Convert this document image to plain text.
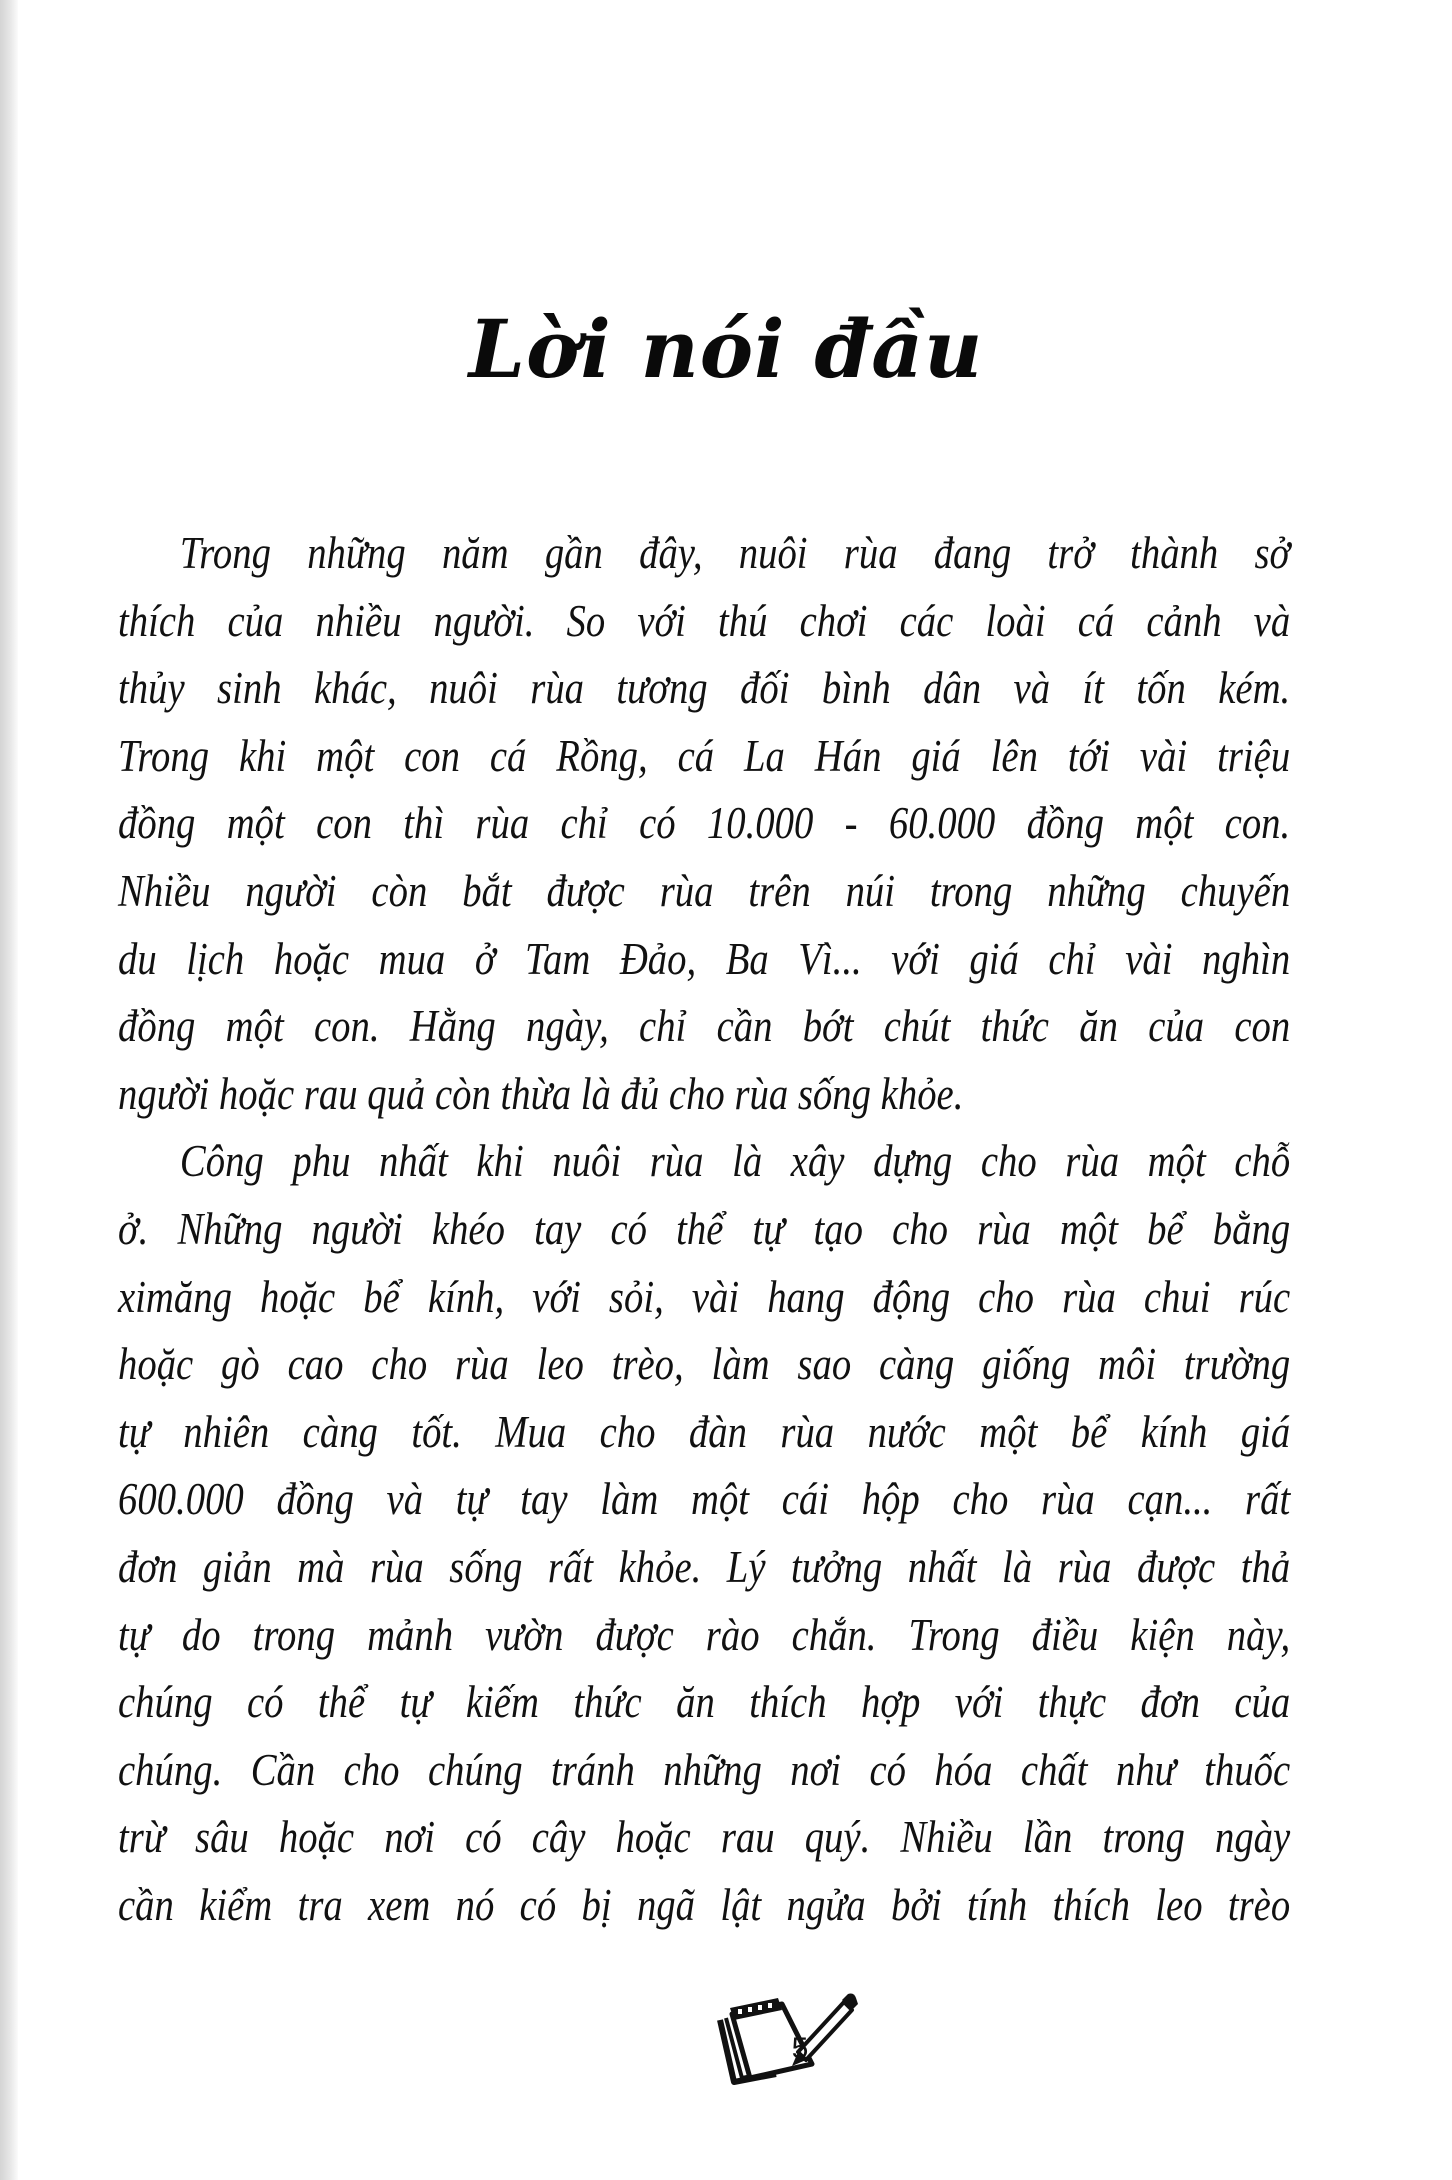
Lời nói đầu
Trong những năm gần đây, nuôi rùa đang trở thành sở
thích của nhiều người. So với thú chơi các loài cá cảnh và
thủy sinh khác, nuôi rùa tương đối bình dân và ít tốn kém.
Trong khi một con cá Rồng, cá La Hán giá lên tới vài triệu
đồng một con thì rùa chỉ có 10.000 - 60.000 đồng một con.
Nhiều người còn bắt được rùa trên núi trong những chuyến
du lịch hoặc mua ở Tam Đảo, Ba Vì... với giá chỉ vài nghìn
đồng một con. Hằng ngày, chỉ cần bớt chút thức ăn của con
người hoặc rau quả còn thừa là đủ cho rùa sống khỏe.
Công phu nhất khi nuôi rùa là xây dựng cho rùa một chỗ
ở. Những người khéo tay có thể tự tạo cho rùa một bể bằng
ximăng hoặc bể kính, với sỏi, vài hang động cho rùa chui rúc
hoặc gò cao cho rùa leo trèo, làm sao càng giống môi trường
tự nhiên càng tốt. Mua cho đàn rùa nước một bể kính giá
600.000 đồng và tự tay làm một cái hộp cho rùa cạn... rất
đơn giản mà rùa sống rất khỏe. Lý tưởng nhất là rùa được thả
tự do trong mảnh vườn được rào chắn. Trong điều kiện này,
chúng có thể tự kiếm thức ăn thích hợp với thực đơn của
chúng. Cần cho chúng tránh những nơi có hóa chất như thuốc
trừ sâu hoặc nơi có cây hoặc rau quý. Nhiều lần trong ngày
cần kiểm tra xem nó có bị ngã lật ngửa bởi tính thích leo trèo
5
